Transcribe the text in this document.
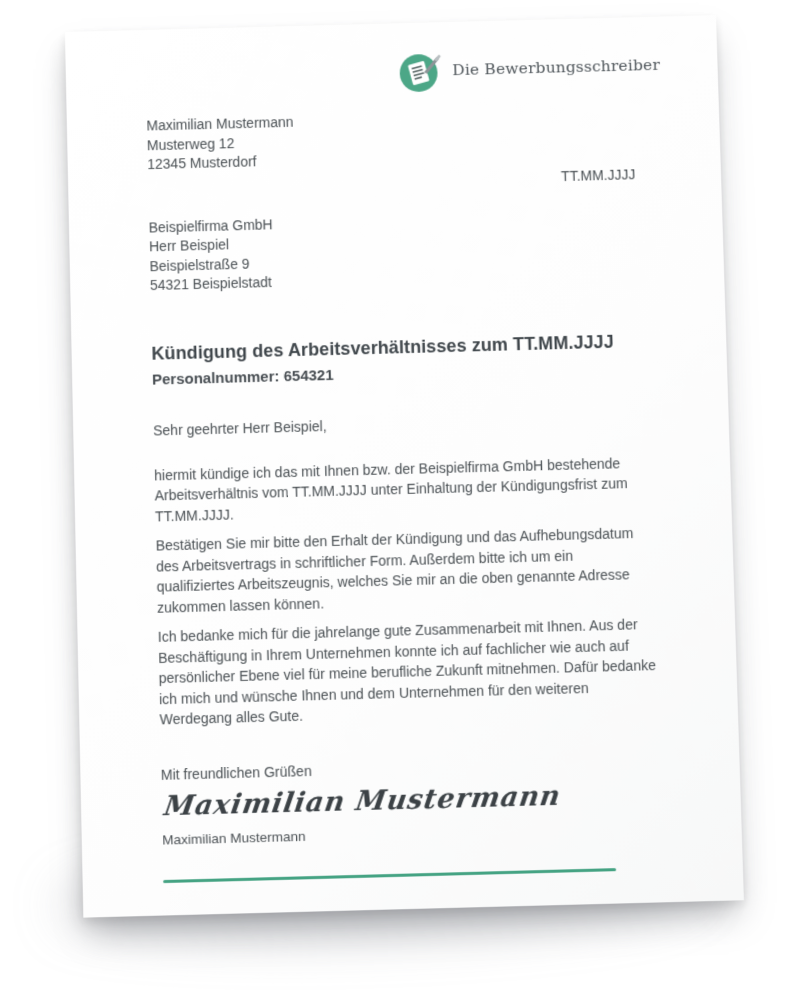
Die Bewerbungsschreiber
Maximilian Mustermann
Musterweg 12
12345 Musterdorf
TT.MM.JJJJ
Beispielfirma GmbH
Herr Beispiel
Beispielstraße 9
54321 Beispielstadt
Kündigung des Arbeitsverhältnisses zum TT.MM.JJJJ
Personalnummer: 654321
Sehr geehrter Herr Beispiel,

hiermit kündige ich das mit Ihnen bzw. der Beispielfirma GmbH bestehende Arbeitsverhältnis vom TT.MM.JJJJ unter Einhaltung der Kündigungsfrist zum TT.MM.JJJJ.

Bestätigen Sie mir bitte den Erhalt der Kündigung und das Aufhebungsdatum des Arbeitsvertrags in schriftlicher Form. Außerdem bitte ich um ein qualifiziertes Arbeitszeugnis, welches Sie mir an die oben genannte Adresse zukommen lassen können.

Ich bedanke mich für die jahrelange gute Zusammenarbeit mit Ihnen. Aus der Beschäftigung in Ihrem Unternehmen konnte ich auf fachlicher wie auch auf persönlicher Ebene viel für meine berufliche Zukunft mitnehmen. Dafür bedanke ich mich und wünsche Ihnen und dem Unternehmen für den weiteren Werdegang alles Gute.

Mit freundlichen Grüßen
Maximilian Mustermann
Maximilian Mustermann
